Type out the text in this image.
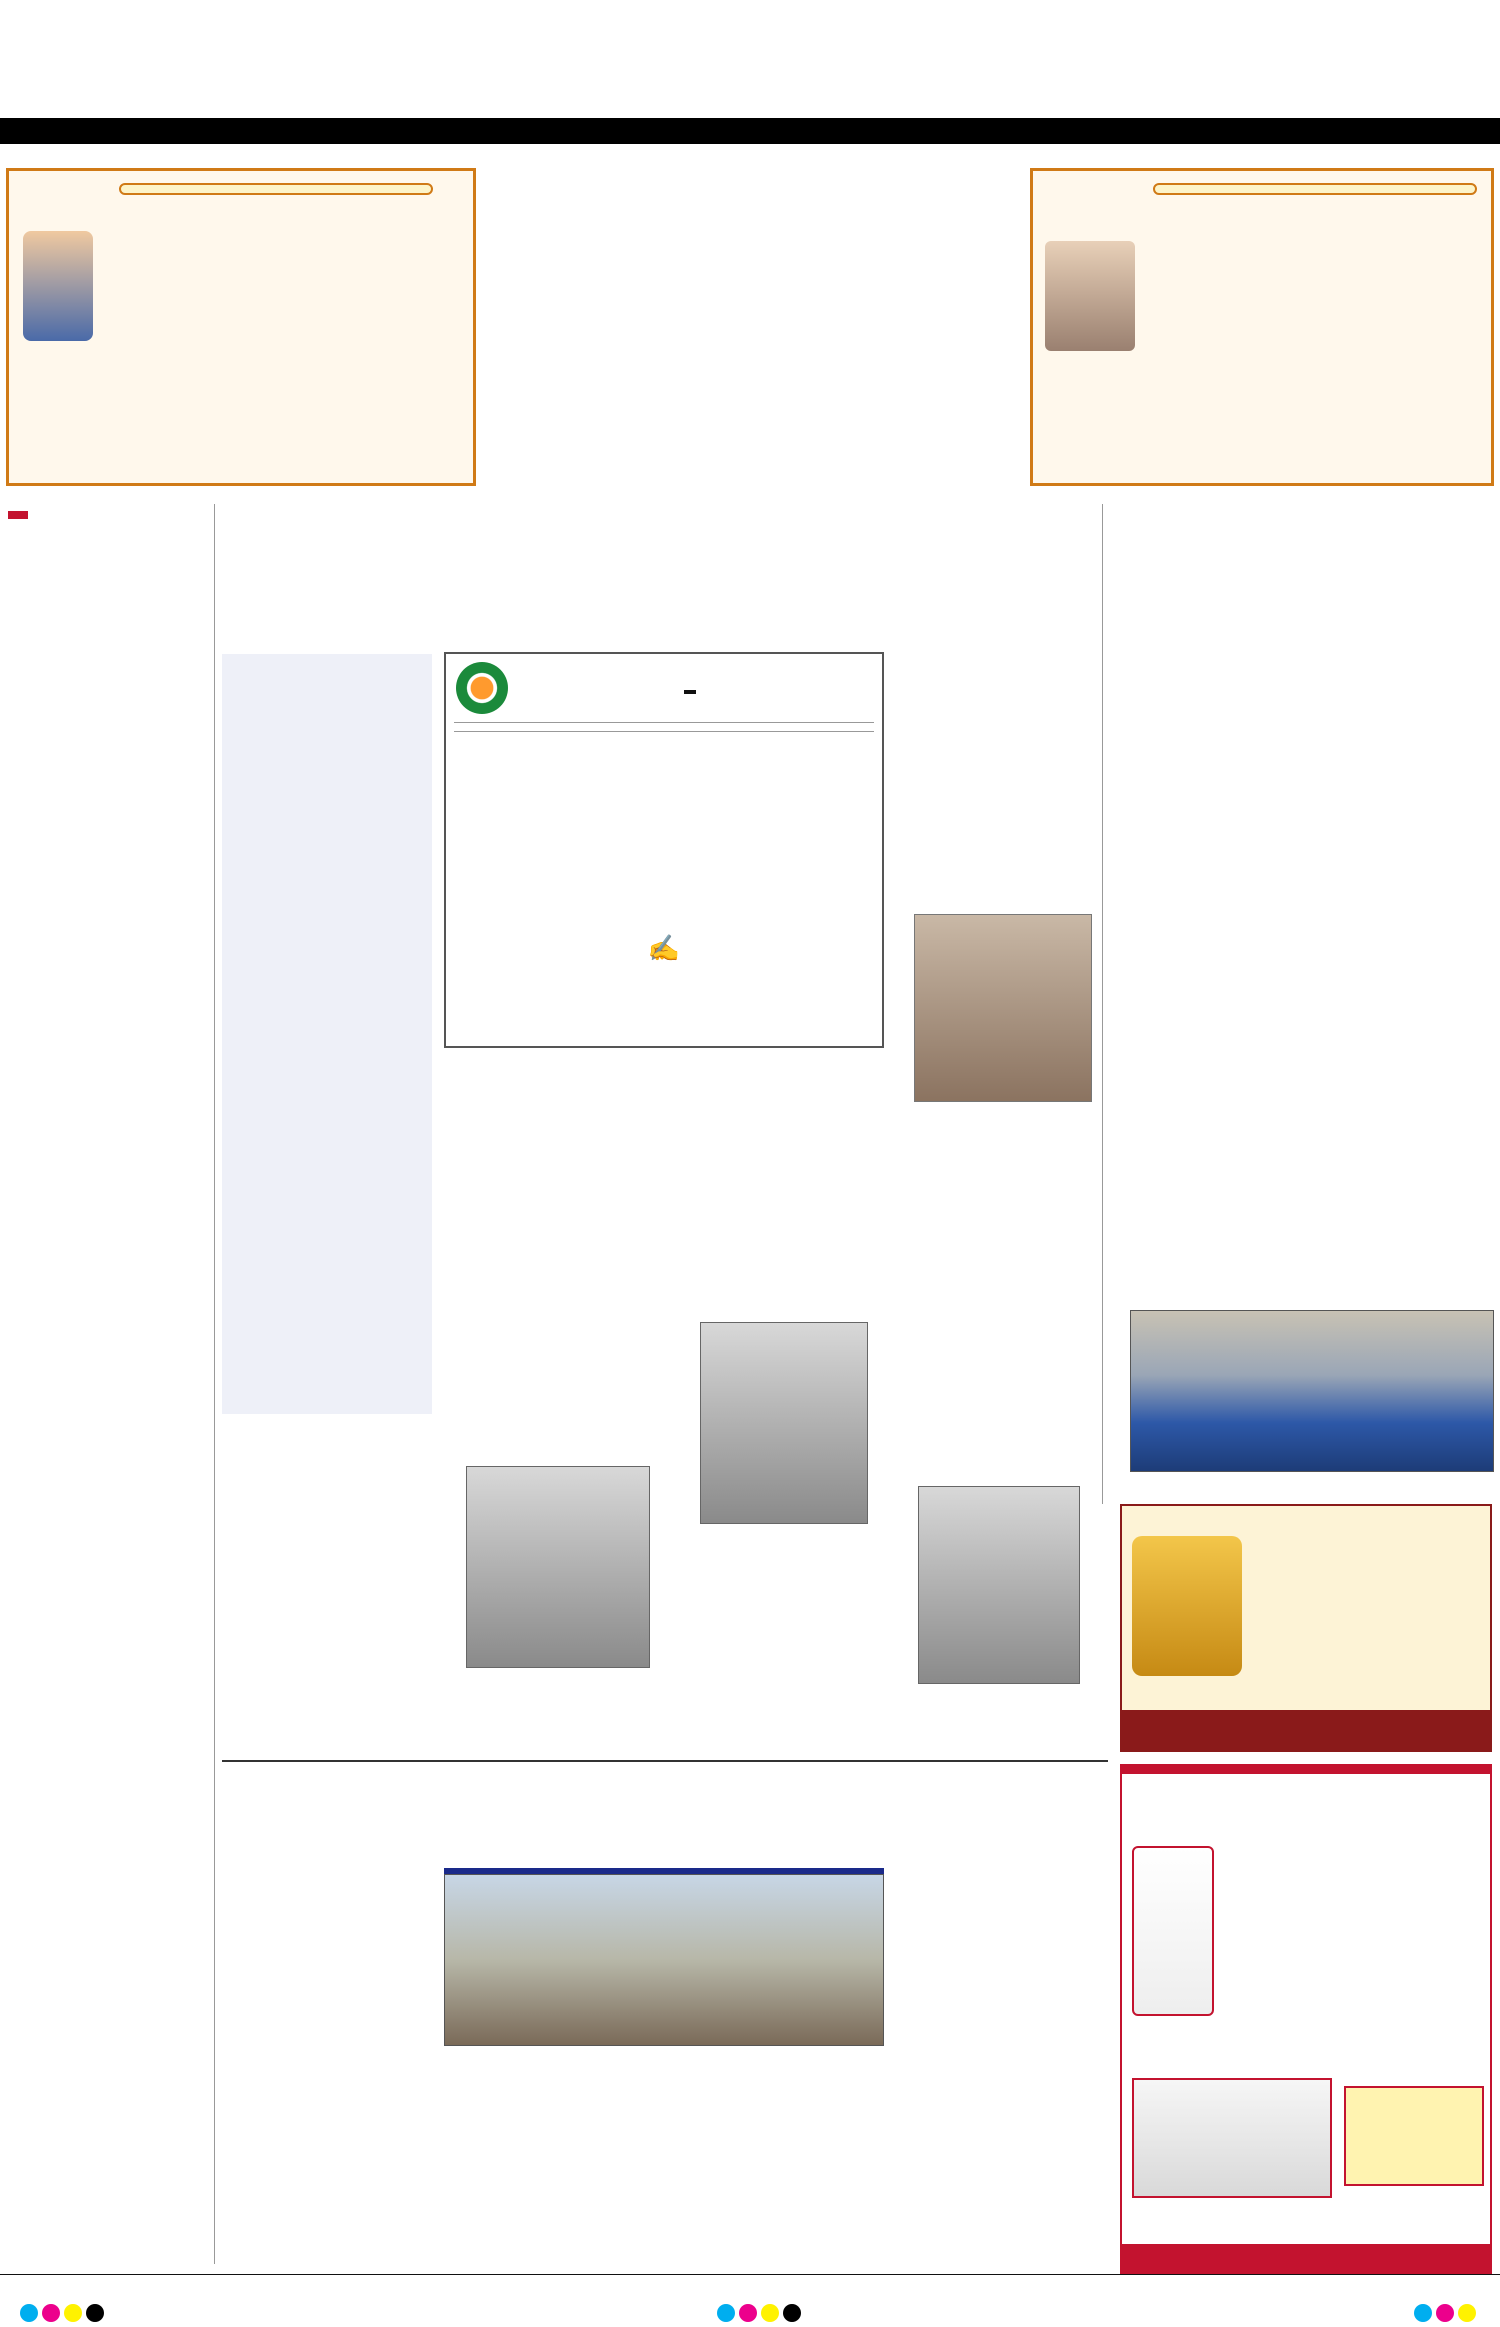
✍
